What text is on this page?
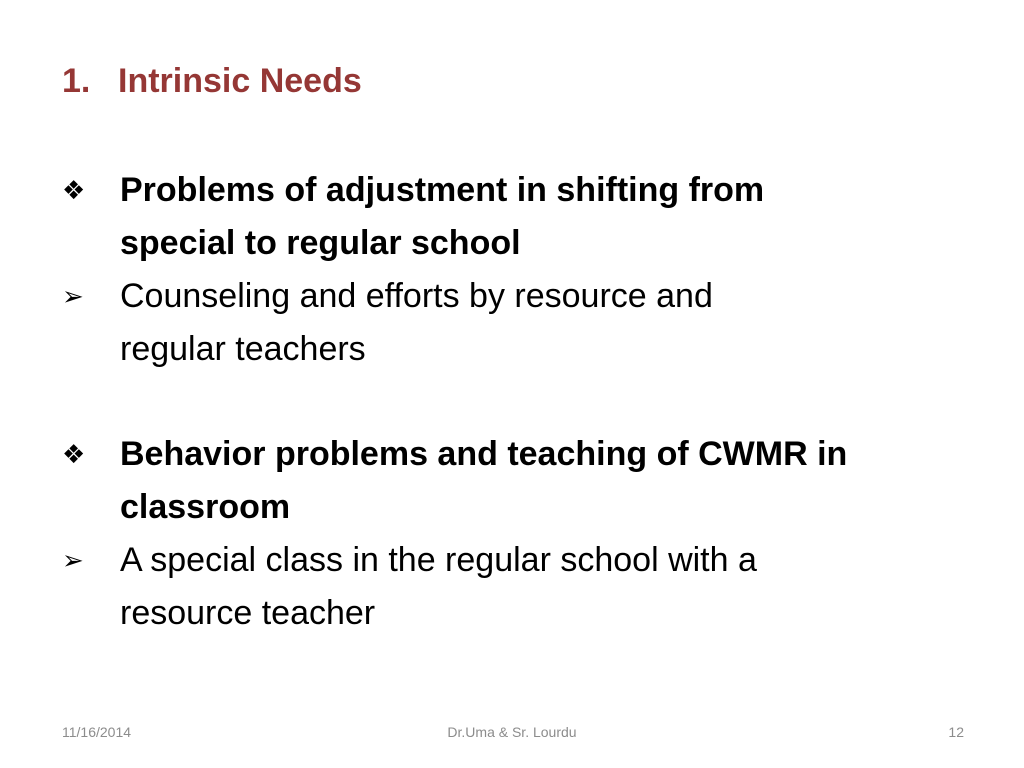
1. Intrinsic Needs
❖	Problems of adjustment in shifting from
special to regular school
➢	Counseling and efforts by resource and
regular teachers
❖	Behavior problems and teaching of CWMR in
classroom
➢	A special class in the regular school with a
resource teacher
11/16/2014	Dr.Uma & Sr. Lourdu	12
